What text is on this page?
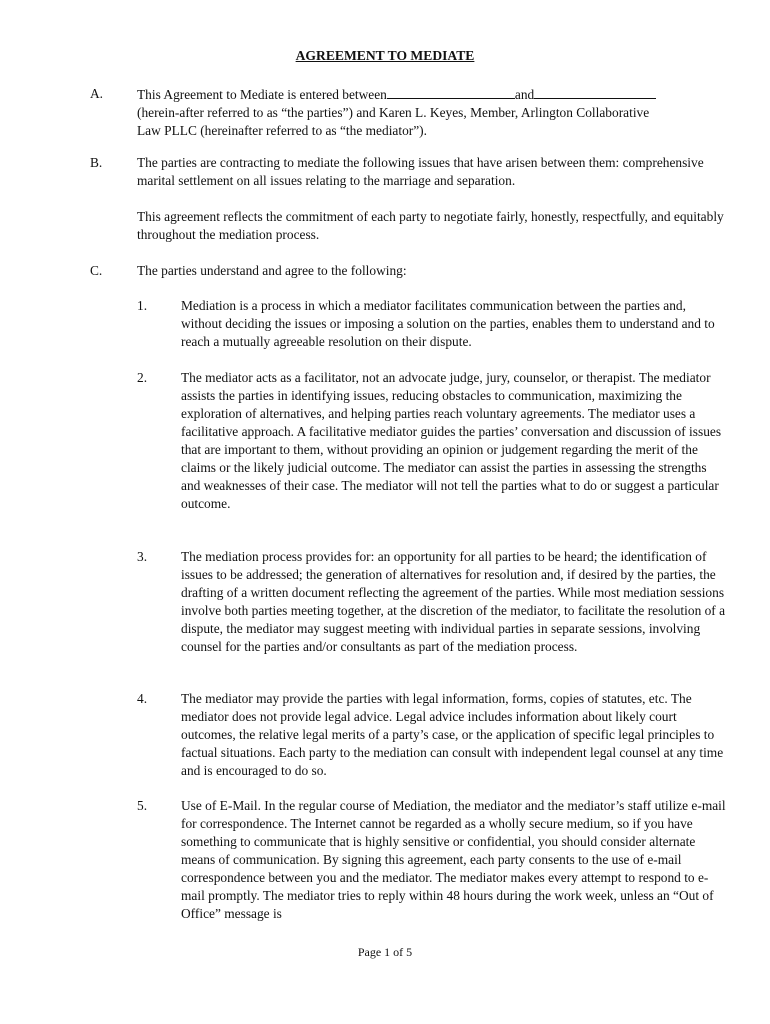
AGREEMENT TO MEDIATE
A.	This Agreement to Mediate is entered between	and
(herein-after referred to as “the parties”) and Karen L. Keyes, Member, Arlington Collaborative
Law PLLC (hereinafter referred to as “the mediator”).
B.	The parties are contracting to mediate the following issues that have arisen between them: comprehensive marital settlement on all issues relating to the marriage and separation.

This agreement reflects the commitment of each party to negotiate fairly, honestly, respectfully, and equitably throughout the mediation process.

C.	The parties understand and agree to the following:

1.	Mediation is a process in which a mediator facilitates communication between the parties and, without deciding the issues or imposing a solution on the parties, enables them to understand and to reach a mutually agreeable resolution on their dispute.
2.	The mediator acts as a facilitator, not an advocate judge, jury, counselor, or therapist. The mediator assists the parties in identifying issues, reducing obstacles to communication, maximizing the exploration of alternatives, and helping parties reach voluntary agreements. The mediator uses a facilitative approach. A facilitative mediator guides the parties’ conversation and discussion of issues that are important to them, without providing an opinion or judgement regarding the merit of the claims or the likely judicial outcome. The mediator can assist the parties in assessing the strengths and weaknesses of their case. The mediator will not tell the parties what to do or suggest a particular outcome.
3.	The mediation process provides for: an opportunity for all parties to be heard; the identification of issues to be addressed; the generation of alternatives for resolution and, if desired by the parties, the drafting of a written document reflecting the agreement of the parties. While most mediation sessions involve both parties meeting together, at the discretion of the mediator, to facilitate the resolution of a dispute, the mediator may suggest meeting with individual parties in separate sessions, involving counsel for the parties and/or consultants as part of the mediation process.
4.	The mediator may provide the parties with legal information, forms, copies of statutes, etc. The mediator does not provide legal advice. Legal advice includes information about likely court outcomes, the relative legal merits of a party’s case, or the application of specific legal principles to factual situations. Each party to the mediation can consult with independent legal counsel at any time and is encouraged to do so.
5.	Use of E-Mail. In the regular course of Mediation, the mediator and the mediator’s staff utilize e-mail for correspondence. The Internet cannot be regarded as a wholly secure medium, so if you have something to communicate that is highly sensitive or confidential, you should consider alternate means of communication. By signing this agreement, each party consents to the use of e-mail correspondence between you and the mediator. The mediator makes every attempt to respond to e-mail promptly. The mediator tries to reply within 48 hours during the work week, unless an “Out of Office” message is
Page 1 of 5
